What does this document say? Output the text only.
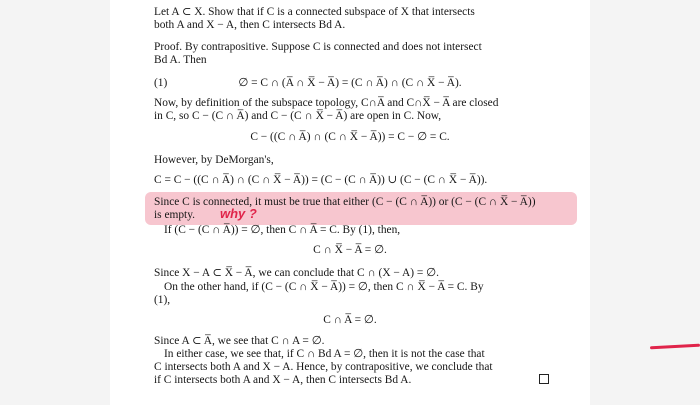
Let A ⊂ X. Show that if C is a connected subspace of X that intersects
both A and X − A, then C intersects Bd A.
Proof. By contrapositive. Suppose C is connected and does not intersect
Bd A. Then
(1)	∅ = C ∩ (A̅ ∩ X̅ − A̅) = (C ∩ A̅) ∩ (C ∩ X̅ − A̅).
Now, by definition of the subspace topology, C∩A̅ and C∩X̅ − A̅ are closed
in C, so C − (C ∩ A̅) and C − (C ∩ X̅ − A̅) are open in C. Now,
C − ((C ∩ A̅) ∩ (C ∩ X̅ − A̅)) = C − ∅ = C.
However, by DeMorgan's,
C = C − ((C ∩ A̅) ∩ (C ∩ X̅ − A̅)) = (C − (C ∩ A̅)) ∪ (C − (C ∩ X̅ − A̅)).
Since C is connected, it must be true that either (C − (C ∩ A̅)) or (C − (C ∩ X̅ − A̅))
is empty. why ?
If (C − (C ∩ A̅)) = ∅, then C ∩ A̅ = C. By (1), then,
C ∩ X̅ − A̅ = ∅.
Since X − A ⊂ X̅ − A̅, we can conclude that C ∩ (X − A) = ∅.
On the other hand, if (C − (C ∩ X̅ − A̅)) = ∅, then C ∩ X̅ − A̅ = C. By
(1),
C ∩ A̅ = ∅.
Since A ⊂ A̅, we see that C ∩ A = ∅.
In either case, we see that, if C ∩ Bd A = ∅, then it is not the case that
C intersects both A and X − A. Hence, by contrapositive, we conclude that
if C intersects both A and X − A, then C intersects Bd A.
